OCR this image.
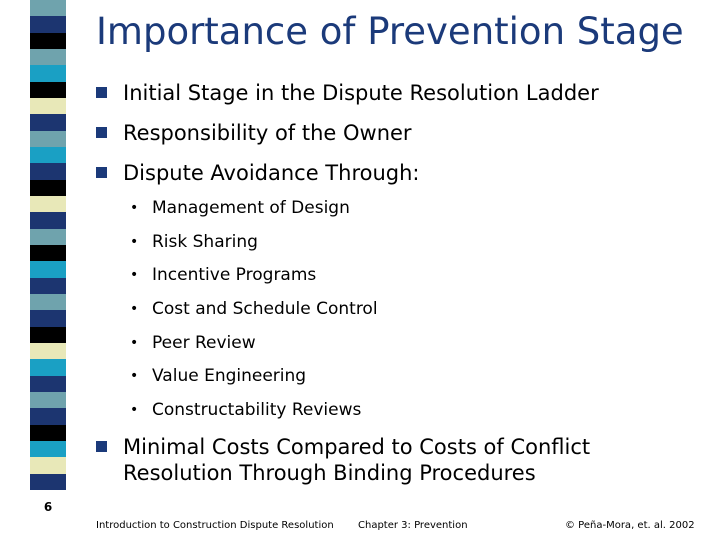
6
Importance of Prevention Stage
Initial Stage in the Dispute Resolution Ladder
Responsibility of the Owner
Dispute Avoidance Through:
• Management of Design
• Risk Sharing
• Incentive Programs
• Cost and Schedule Control
• Peer Review
• Value Engineering
• Constructability Reviews
Minimal Costs Compared to Costs of Conflict
Resolution Through Binding Procedures
Introduction to Construction Dispute Resolution Chapter 3: Prevention	© Peña-Mora, et. al. 2002
